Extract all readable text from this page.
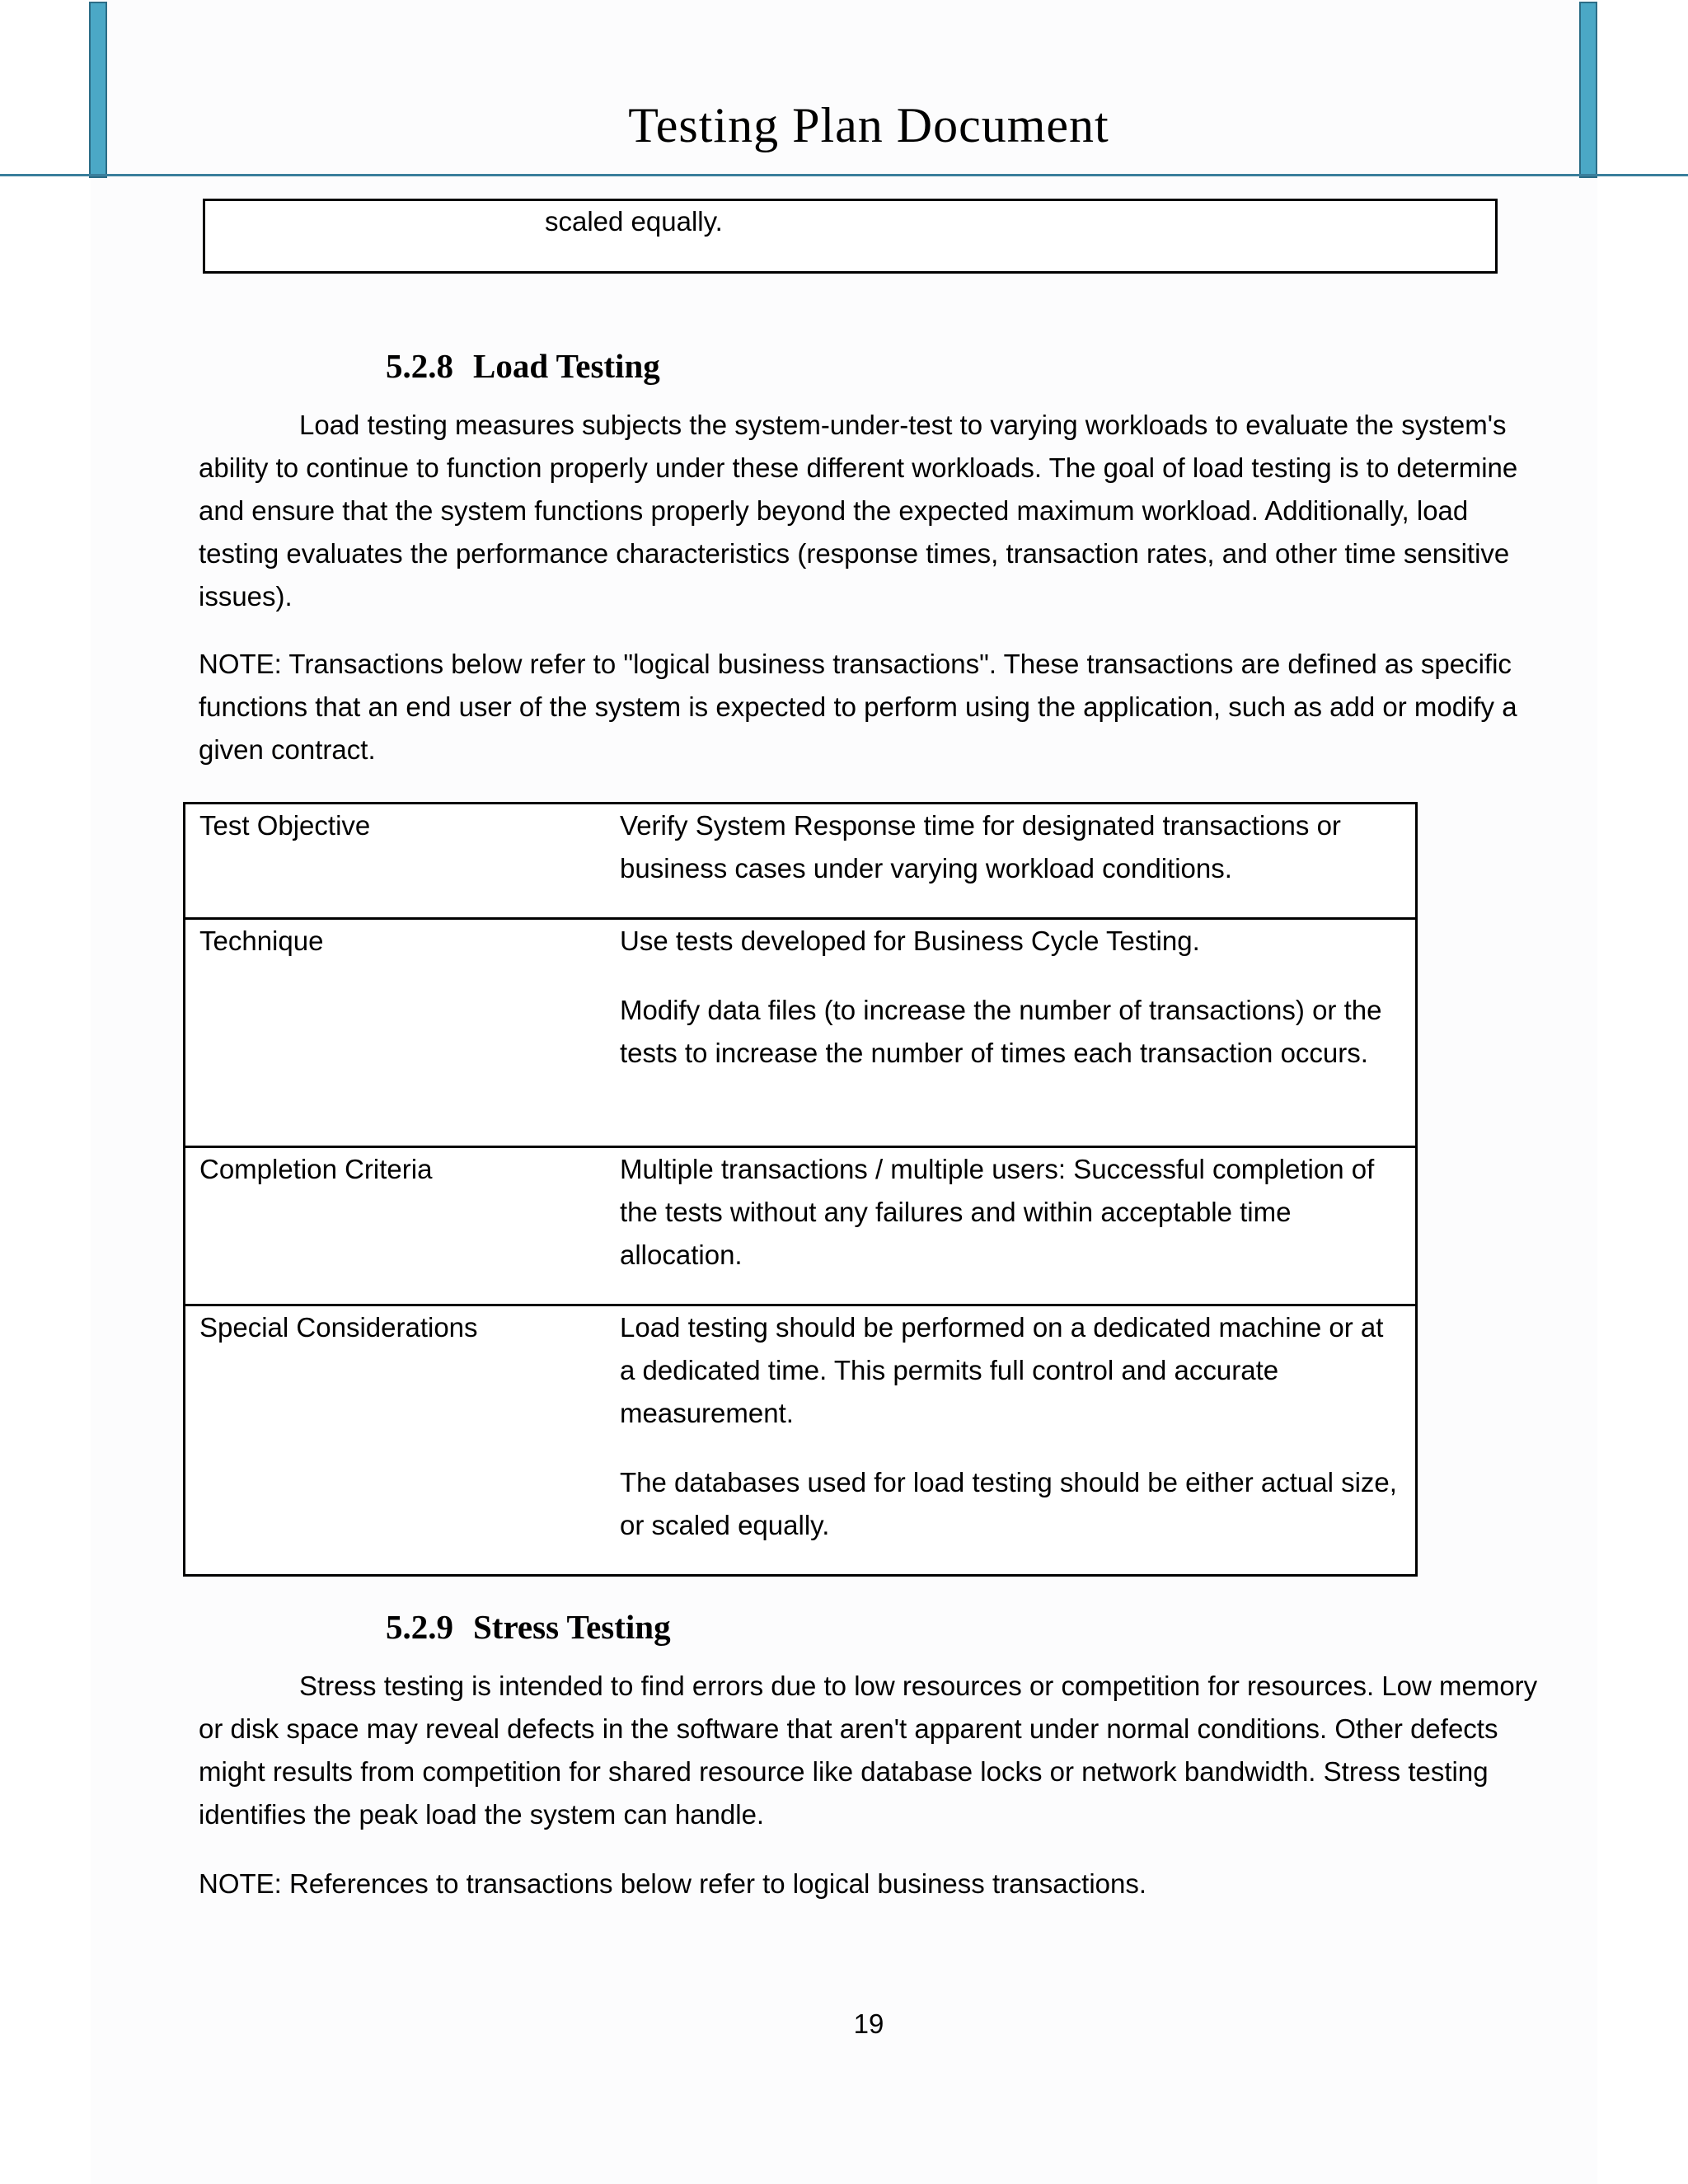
Testing Plan Document
scaled equally.
5.2.8 Load Testing

Load testing measures subjects the system-under-test to varying workloads to evaluate the system's ability to continue to function properly under these different workloads. The goal of load testing is to determine and ensure that the system functions properly beyond the expected maximum workload. Additionally, load testing evaluates the performance characteristics (response times, transaction rates, and other time sensitive issues).

NOTE: Transactions below refer to "logical business transactions". These transactions are defined as specific functions that an end user of the system is expected to perform using the application, such as add or modify a given contract.

Test Objective	Verify System Response time for designated transactions or business cases under varying workload conditions.

Technique	Use tests developed for Business Cycle Testing.

Modify data files (to increase the number of transactions) or the tests to increase the number of times each transaction occurs.

Completion Criteria	Multiple transactions / multiple users: Successful completion of the tests without any failures and within acceptable time allocation.

Special Considerations	Load testing should be performed on a dedicated machine or at a dedicated time. This permits full control and accurate measurement.

The databases used for load testing should be either actual size, or scaled equally.

5.2.9 Stress Testing

Stress testing is intended to find errors due to low resources or competition for resources. Low memory or disk space may reveal defects in the software that aren't apparent under normal conditions. Other defects might results from competition for shared resource like database locks or network bandwidth. Stress testing identifies the peak load the system can handle.

NOTE: References to transactions below refer to logical business transactions.

19
